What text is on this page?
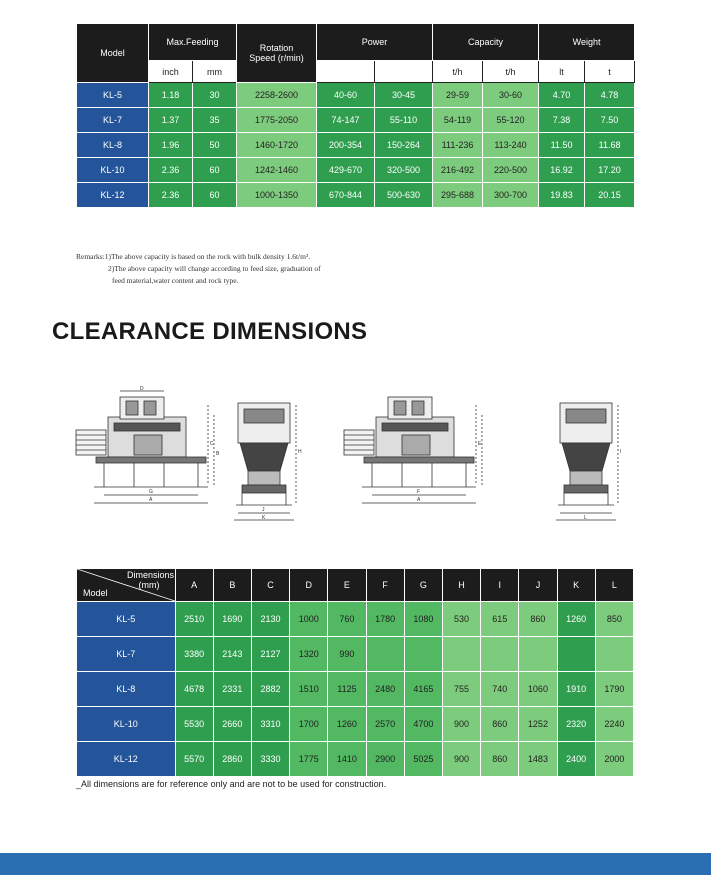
Model	Max.Feeding		Rotation Speed (r/min)	Power		Capacity		Weight	
	inch	mm				t/h	t/h	lt	t
KL-5	1.18	30	2258-2600	40-60	30-45	29-59	30-60	4.70	4.78
KL-7	1.37	35	1775-2050	74-147	55-110	54-119	55-120	7.38	7.50
KL-8	1.96	50	1460-1720	200-354	150-264	111-236	113-240	11.50	11.68
KL-10	2.36	60	1242-1460	429-670	320-500	216-492	220-500	16.92	17.20
KL-12	2.36	60	1000-1350	670-844	500-630	295-688	300-700	19.83	20.15
Remarks:1)The above capacity is based on the rock with bulk density 1.6t/m³.
2)The above capacity will change according to feed size, graduation of
feed material,water content and rock type.
CLEARANCE DIMENSIONS
D
G
A
C
B	H
J
K
F
A
E
I
L
Dimensions (mm)
Model	A	B	C	D	E	F	G	H	I	J	K	L
KL-5	2510	1690	2130	1000	760	1780	1080	530	615	860	1260	850
KL-7	3380	2143	2127	1320	990							
KL-8	4678	2331	2882	1510	1125	2480	4165	755	740	1060	1910	1790
KL-10	5530	2660	3310	1700	1260	2570	4700	900	860	1252	2320	2240
KL-12	5570	2860	3330	1775	1410	2900	5025	900	860	1483	2400	2000
_All dimensions are for reference only and are not to be used for construction.
